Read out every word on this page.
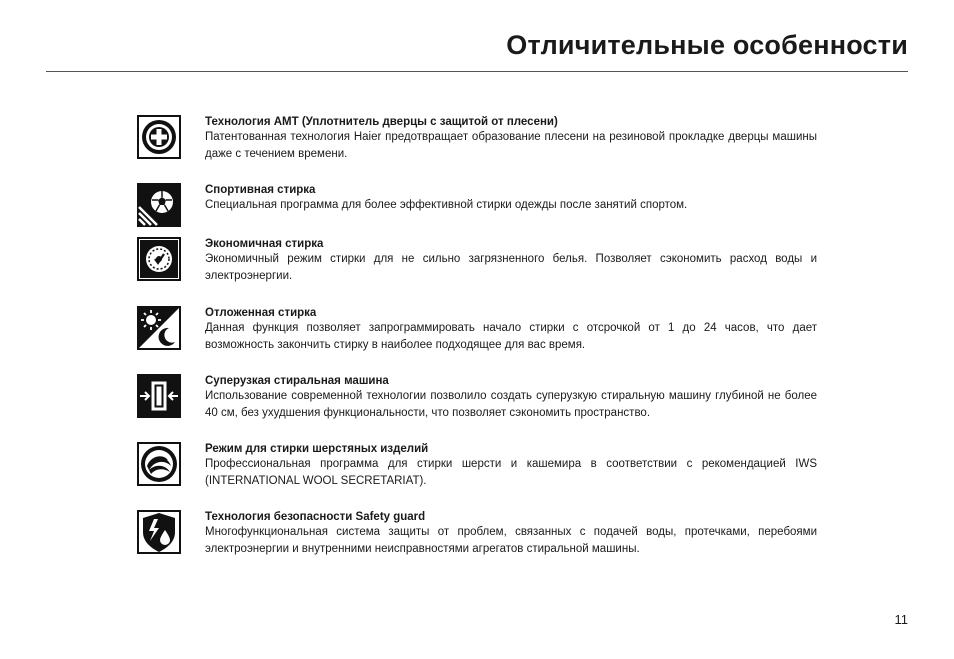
Отличительные особенности

Технология АМТ (Уплотнитель дверцы с защитой от плесени)

Патентованная технология Haier предотвращает образование плесени на резиновой прокладке дверцы машины даже с течением времени.

Спортивная стирка

Специальная программа для более эффективной стирки одежды после занятий спортом.

Экономичная стирка

Экономичный режим стирки для не сильно загрязненного белья. Позволяет сэкономить расход воды и электроэнергии.

Отложенная стирка

Данная функция позволяет запрограммировать начало стирки с отсрочкой от 1 до 24 часов, что дает возможность закончить стирку в наиболее подходящее для вас время.

Суперузкая стиральная машина

Использование современной технологии позволило создать суперузкую стиральную машину глубиной не более 40 см, без ухудшения функциональности, что позволяет сэкономить пространство.

Режим для стирки шерстяных изделий

Профессиональная программа для стирки шерсти и кашемира в соответствии с рекомендацией IWS (INTERNATIONAL WOOL SECRETARIAT).

Технология безопасности Safety guard

Многофункциональная система защиты от проблем, связанных с подачей воды, протечками, перебоями электроэнергии и внутренними неисправностями агрегатов стиральной машины.

11
